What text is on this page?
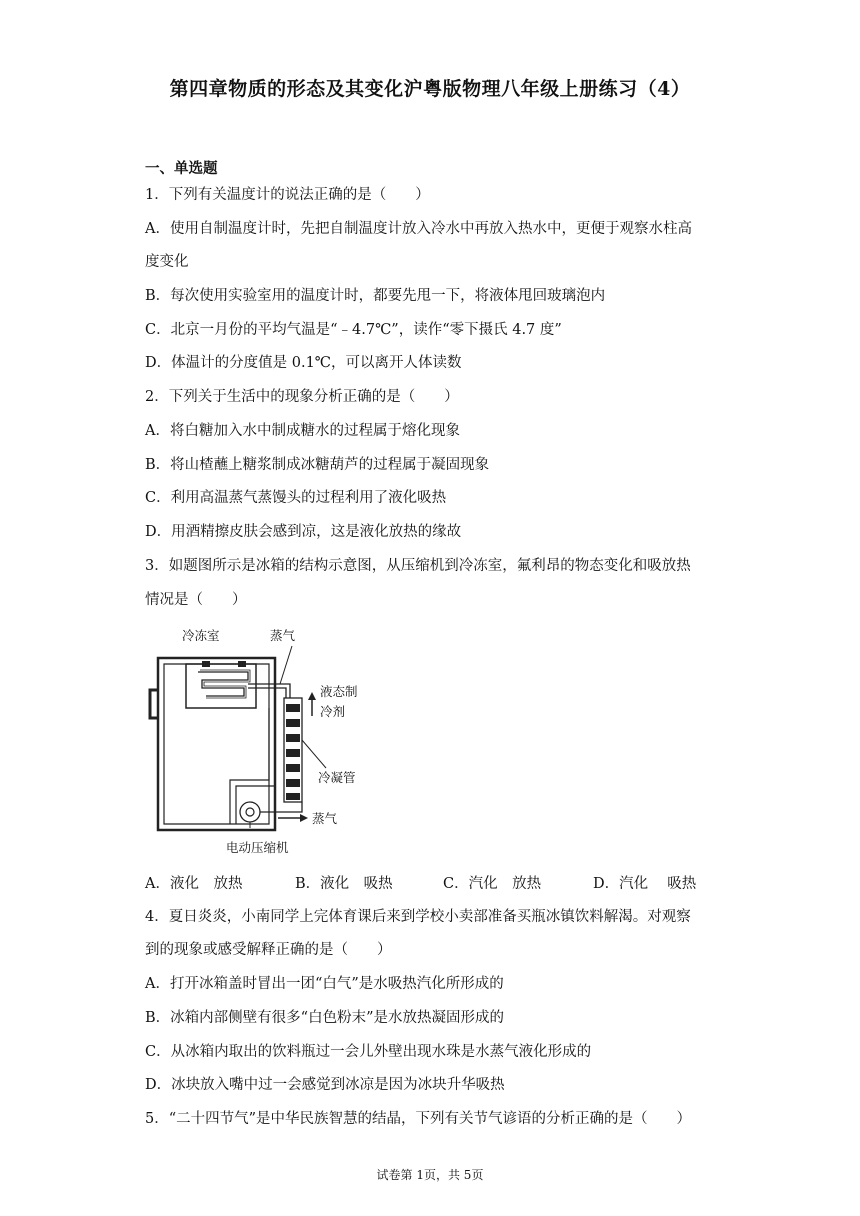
第四章物质的形态及其变化沪粤版物理八年级上册练习（4）
一、单选题
1．下列有关温度计的说法正确的是（　　）
A．使用自制温度计时，先把自制温度计放入冷水中再放入热水中，更便于观察水柱高
度变化
B．每次使用实验室用的温度计时，都要先甩一下，将液体甩回玻璃泡内
C．北京一月份的平均气温是“﹣4.7℃”，读作“零下摄氏 4.7 度”
D．体温计的分度值是 0.1℃，可以离开人体读数
2．下列关于生活中的现象分析正确的是（　　）
A．将白糖加入水中制成糖水的过程属于熔化现象
B．将山楂蘸上糖浆制成冰糖葫芦的过程属于凝固现象
C．利用高温蒸气蒸馒头的过程利用了液化吸热
D．用酒精擦皮肤会感到凉，这是液化放热的缘故
3．如题图所示是冰箱的结构示意图，从压缩机到冷冻室，氟利昂的物态变化和吸放热
情况是（　　）
冷冻室	蒸气
液态制
冷剂
冷凝管
蒸气
电动压缩机
A．液化　放热	B．液化　吸热	C．汽化　放热	D．汽化　 吸热
4．夏日炎炎，小南同学上完体育课后来到学校小卖部准备买瓶冰镇饮料解渴。对观察
到的现象或感受解释正确的是（　　）
A．打开冰箱盖时冒出一团“白气”是水吸热汽化所形成的
B．冰箱内部侧壁有很多“白色粉末”是水放热凝固形成的
C．从冰箱内取出的饮料瓶过一会儿外壁出现水珠是水蒸气液化形成的
D．冰块放入嘴中过一会感觉到冰凉是因为冰块升华吸热
5．“二十四节气”是中华民族智慧的结晶，下列有关节气谚语的分析正确的是（　　）
试卷第 1页，共 5页
